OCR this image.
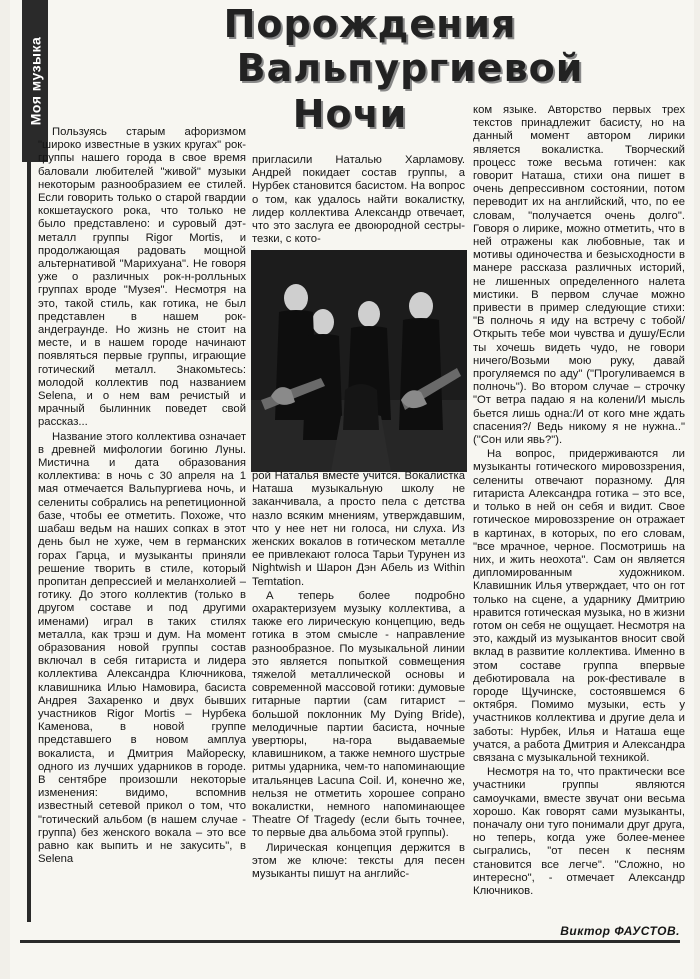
Моя музыка
Порождения
Вальпургиевой
Ночи

Пользуясь старым афоризмом "широко известные в узких кругах" рок-группы нашего города в свое время баловали любителей "живой" музыки некоторым разнообразием ее стилей. Если говорить только о старой гвардии кокшетауского рока, что только не было представлено: и суровый дэт-металл группы Rigor Mortis, и продолжающая радовать мощной альтернативой "Марихуана". Не говоря уже о различных рок-н-ролльных группах вроде "Музея". Несмотря на это, такой стиль, как готика, не был представлен в нашем рок-андеграунде. Но жизнь не стоит на месте, и в нашем городе начинают появляться первые группы, играющие готический металл. Знакомьтесь: молодой коллектив под названием Selena, и о нем вам речистый и мрачный былинник поведет свой рассказ...

Название этого коллектива означает в древней мифологии богиню Луны. Мистична и дата образования коллектива: в ночь с 30 апреля на 1 мая отмечается Вальпургиева ночь, и селениты собрались на репетиционной базе, чтобы ее отметить. Похоже, что шабаш ведьм на наших сопках в этот день был не хуже, чем в германских горах Гарца, и музыканты приняли решение творить в стиле, который пропитан депрессией и меланхолией – готику. До этого коллектив (только в другом составе и под другими именами) играл в таких стилях металла, как трэш и дум. На момент образования новой группы состав включал в себя гитариста и лидера коллектива Александра Ключникова, клавишника Илью Намовира, басиста Андрея Захаренко и двух бывших участников Rigor Mortis – Нурбека Каменова, в новой группе представшего в новом амплуа вокалиста, и Дмитрия Майореску, одного из лучших ударников в городе. В сентябре произошли некоторые изменения: видимо, вспомнив известный сетевой прикол о том, что "готический альбом (в нашем случае - группа) без женского вокала – это все равно как выпить и не закусить", в Selena

пригласили Наталью Харламову. Андрей покидает состав группы, а Нурбек становится басистом. На вопрос о том, как удалось найти вокалистку, лидер коллектива Александр отвечает, что это заслуга ее двоюродной сестры-тезки, с кото-

рой Наталья вместе учится. Вокалистка Наташа музыкальную школу не заканчивала, а просто пела с детства назло всяким мнениям, утверждавшим, что у нее нет ни голоса, ни слуха. Из женских вокалов в готическом металле ее привлекают голоса Тарьи Турунен из Nightwish и Шарон Дэн Абель из Within Temtation.

А теперь более подробно охарактеризуем музыку коллектива, а также его лирическую концепцию, ведь готика в этом смысле - направление разнообразное. По музыкальной линии это является попыткой совмещения тяжелой металлической основы и современной массовой готики: думовые гитарные партии (сам гитарист – большой поклонник My Dying Bride), мелодичные партии басиста, ночные увертюры, на-гора выдаваемые клавишником, а также немного шустрые ритмы ударника, чем-то напоминающие итальянцев Lacuna Coil. И, конечно же, нельзя не отметить хорошее сопрано вокалистки, немного напоминающее Theatre Of Tragedy (если быть точнее, то первые два альбома этой группы).

Лирическая концепция держится в этом же ключе: тексты для песен музыканты пишут на английс-

ком языке. Авторство первых трех текстов принадлежит басисту, но на данный момент автором лирики является вокалистка. Творческий процесс тоже весьма готичен: как говорит Наташа, стихи она пишет в очень депрессивном состоянии, потом переводит их на английский, что, по ее словам, "получается очень долго". Говоря о лирике, можно отметить, что в ней отражены как любовные, так и мотивы одиночества и безысходности в манере рассказа различных историй, не лишенных определенного налета мистики. В первом случае можно привести в пример следующие стихи: "В полночь я иду на встречу с тобой/ Открыть тебе мои чувства и душу/Если ты хочешь видеть чудо, не говори ничего/Возьми мою руку, давай прогуляемся по аду" ("Прогуливаемся в полночь"). Во втором случае – строчку "От ветра падаю я на колени/И мысль бьется лишь одна:/И от кого мне ждать спасения?/ Ведь никому я не нужна.." ("Сон или явь?").

На вопрос, придерживаются ли музыканты готического мировоззрения, селениты отвечают поразному. Для гитариста Александра готика – это все, и только в ней он себя и видит. Свое готическое мировоззрение он отражает в картинах, в которых, по его словам, "все мрачное, черное. Посмотришь на них, и жить неохота". Сам он является дипломированным художником. Клавишник Илья утверждает, что он гот только на сцене, а ударнику Дмитрию нравится готическая музыка, но в жизни готом он себя не ощущает. Несмотря на это, каждый из музыкантов вносит свой вклад в развитие коллектива. Именно в этом составе группа впервые дебютировала на рок-фестивале в городе Щучинске, состоявшемся 6 октября. Помимо музыки, есть у участников коллектива и другие дела и заботы: Нурбек, Илья и Наташа еще учатся, а работа Дмитрия и Александра связана с музыкальной техникой.

Несмотря на то, что практически все участники группы являются самоучками, вместе звучат они весьма хорошо. Как говорят сами музыканты, поначалу они туго понимали друг друга, но теперь, когда уже более-менее сыгрались, "от песен к песням становится все легче". "Сложно, но интересно", - отмечает Александр Ключников.

Виктор ФАУСТОВ.
